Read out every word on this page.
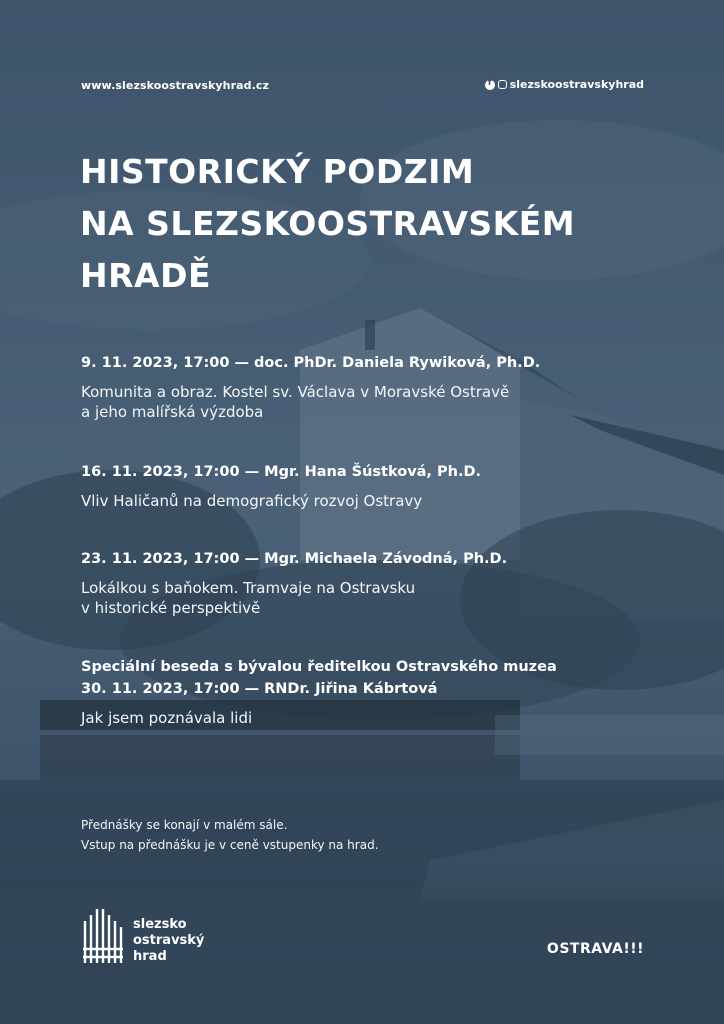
www.slezskoostravskyhrad.cz
f	slezskoostravskyhrad
HISTORICKÝ PODZIM
NA SLEZSKOOSTRAVSKÉM
HRADĚ
9. 11. 2023, 17:00 — doc. PhDr. Daniela Rywiková, Ph.D.
Komunita a obraz. Kostel sv. Václava v Moravské Ostravě
a jeho malířská výzdoba
16. 11. 2023, 17:00 — Mgr. Hana Šústková, Ph.D.
Vliv Haličanů na demografický rozvoj Ostravy
23. 11. 2023, 17:00 — Mgr. Michaela Závodná, Ph.D.
Lokálkou s baňokem. Tramvaje na Ostravsku
v historické perspektivě
Speciální beseda s bývalou ředitelkou Ostravského muzea
30. 11. 2023, 17:00 — RNDr. Jiřina Kábrtová
Jak jsem poznávala lidi
Přednášky se konají v malém sále.
Vstup na přednášku je v ceně vstupenky na hrad.
slezsko
ostravský
hrad	OSTRAVA!!!
